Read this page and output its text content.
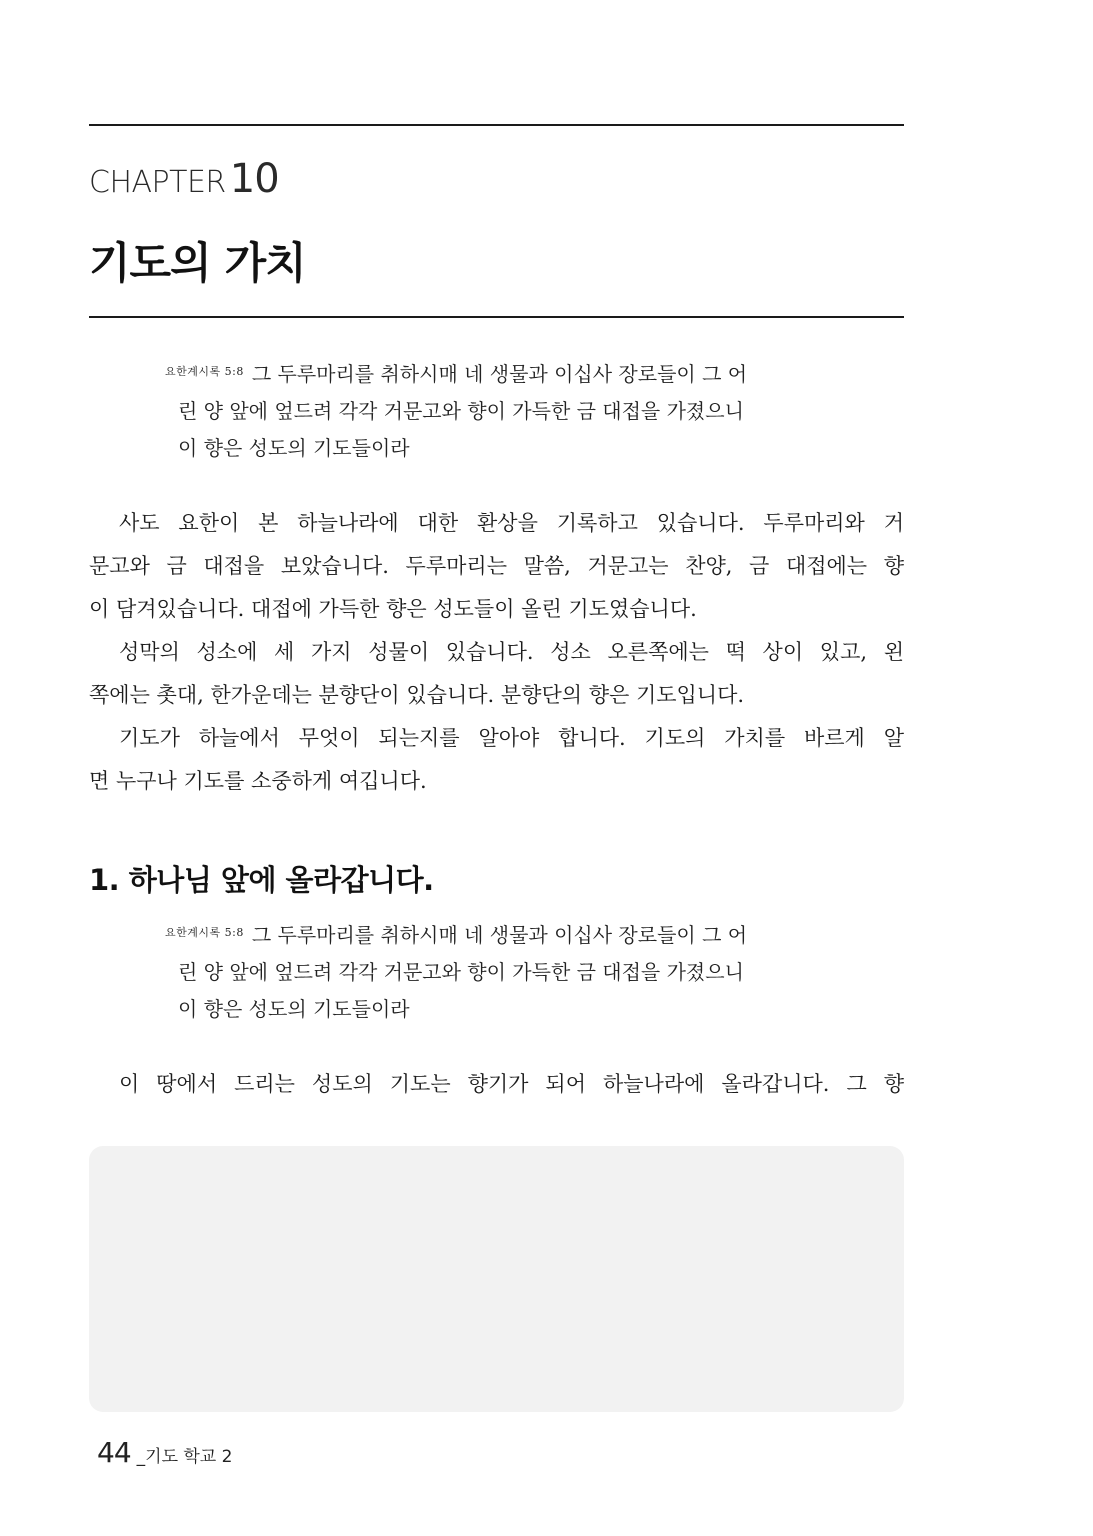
CHAPTER 10
기도의 가치
$^{요한계시록 5:8}$ 그 두루마리를 취하시매 네 생물과 이십사 장로들이 그 어
린 양 앞에 엎드려 각각 거문고와 향이 가득한 금 대접을 가졌으니
이 향은 성도의 기도들이라
사도 요한이 본 하늘나라에 대한 환상을 기록하고 있습니다. 두루마리와 거
문고와 금 대접을 보았습니다. 두루마리는 말씀, 거문고는 찬양, 금 대접에는 향
이 담겨있습니다. 대접에 가득한 향은 성도들이 올린 기도였습니다.
성막의 성소에 세 가지 성물이 있습니다. 성소 오른쪽에는 떡 상이 있고, 왼
쪽에는 촛대, 한가운데는 분향단이 있습니다. 분향단의 향은 기도입니다.
기도가 하늘에서 무엇이 되는지를 알아야 합니다. 기도의 가치를 바르게 알
면 누구나 기도를 소중하게 여깁니다.
1. 하나님 앞에 올라갑니다.
$^{요한계시록 5:8}$ 그 두루마리를 취하시매 네 생물과 이십사 장로들이 그 어
린 양 앞에 엎드려 각각 거문고와 향이 가득한 금 대접을 가졌으니
이 향은 성도의 기도들이라
이 땅에서 드리는 성도의 기도는 향기가 되어 하늘나라에 올라갑니다. 그 향
44 _기도 학교 2
